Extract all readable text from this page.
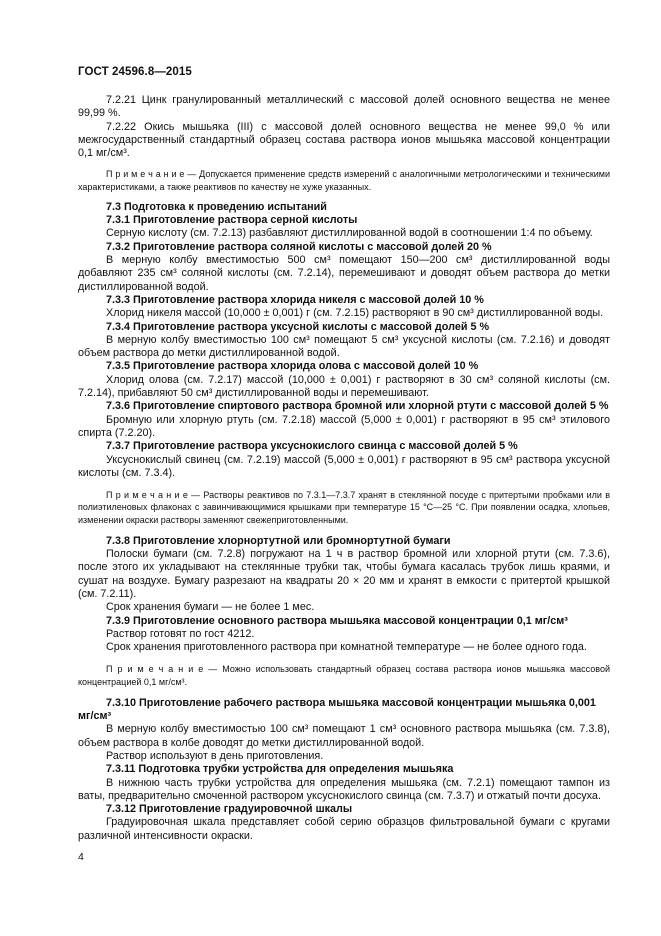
ГОСТ 24596.8—2015

7.2.21 Цинк гранулированный металлический с массовой долей основного вещества не менее 99,99 %.

7.2.22 Окись мышьяка (III) с массовой долей основного вещества не менее 99,0 % или межгосударственный стандартный образец состава раствора ионов мышьяка массовой концентрации 0,1 мг/см³.

П р и м е ч а н и е — Допускается применение средств измерений с аналогичными метрологическими и техническими характеристиками, а также реактивов по качеству не хуже указанных.

7.3 Подготовка к проведению испытаний

7.3.1 Приготовление раствора серной кислоты

Серную кислоту (см. 7.2.13) разбавляют дистиллированной водой в соотношении 1:4 по объему.

7.3.2 Приготовление раствора соляной кислоты с массовой долей 20 %

В мерную колбу вместимостью 500 см³ помещают 150—200 см³ дистиллированной воды добавляют 235 см³ соляной кислоты (см. 7.2.14), перемешивают и доводят объем раствора до метки дистиллированной водой.

7.3.3 Приготовление раствора хлорида никеля с массовой долей 10 %

Хлорид никеля массой (10,000 ± 0,001) г (см. 7.2.15) растворяют в 90 см³ дистиллированной воды.

7.3.4 Приготовление раствора уксусной кислоты с массовой долей 5 %

В мерную колбу вместимостью 100 см³ помещают 5 см³ уксусной кислоты (см. 7.2.16) и доводят объем раствора до метки дистиллированной водой.

7.3.5 Приготовление раствора хлорида олова с массовой долей 10 %

Хлорид олова (см. 7.2.17) массой (10,000 ± 0,001) г растворяют в 30 см³ соляной кислоты (см. 7.2.14), прибавляют 50 см³ дистиллированной воды и перемешивают.

7.3.6 Приготовление спиртового раствора бромной или хлорной ртути с массовой долей 5 %

Бромную или хлорную ртуть (см. 7.2.18) массой (5,000 ± 0,001) г растворяют в 95 см³ этилового спирта (7.2.20).

7.3.7 Приготовление раствора уксуснокислого свинца с массовой долей 5 %

Уксуснокислый свинец (см. 7.2.19) массой (5,000 ± 0,001) г растворяют в 95 см³ раствора уксусной кислоты (см. 7.3.4).

П р и м е ч а н и е — Растворы реактивов по 7.3.1—7.3.7 хранят в стеклянной посуде с притертыми пробками или в полиэтиленовых флаконах с завинчивающимися крышками при температуре 15 °С—25 °С. При появлении осадка, хлопьев, изменении окраски растворы заменяют свежеприготовленными.

7.3.8 Приготовление хлорнортутной или бромнортутной бумаги

Полоски бумаги (см. 7.2.8) погружают на 1 ч в раствор бромной или хлорной ртути (см. 7.3.6), после этого их укладывают на стеклянные трубки так, чтобы бумага касалась трубок лишь краями, и сушат на воздухе. Бумагу разрезают на квадраты 20 × 20 мм и хранят в емкости с притертой крышкой (см. 7.2.11).

Срок хранения бумаги — не более 1 мес.

7.3.9 Приготовление основного раствора мышьяка массовой концентрации 0,1 мг/см³

Раствор готовят по гост 4212.

Срок хранения приготовленного раствора при комнатной температуре — не более одного года.

П р и м е ч а н и е — Можно использовать стандартный образец состава раствора ионов мышьяка массовой концентрацией 0,1 мг/см³.

7.3.10 Приготовление рабочего раствора мышьяка массовой концентрации мышьяка 0,001 мг/см³

В мерную колбу вместимостью 100 см³ помещают 1 см³ основного раствора мышьяка (см. 7.3.8), объем раствора в колбе доводят до метки дистиллированной водой.

Раствор используют в день приготовления.

7.3.11 Подготовка трубки устройства для определения мышьяка

В нижнюю часть трубки устройства для определения мышьяка (см. 7.2.1) помещают тампон из ваты, предварительно смоченной раствором уксуснокислого свинца (см. 7.3.7) и отжатый почти досуха.

7.3.12 Приготовление градуировочной шкалы

Градуировочная шкала представляет собой серию образцов фильтровальной бумаги с кругами различной интенсивности окраски.

4
